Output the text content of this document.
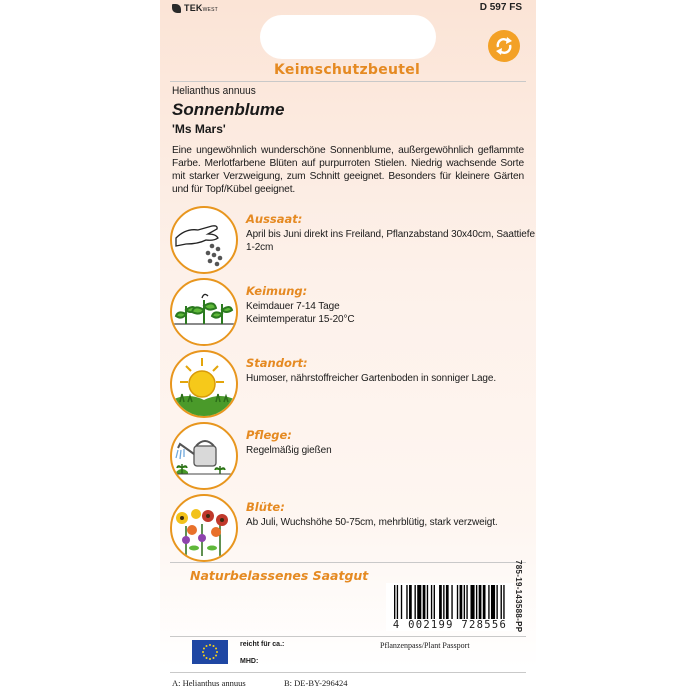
TEKWEST	D 597 FS
Keimschutzbeutel
Helianthus annuus
Sonnenblume
'Ms Mars'
Eine ungewöhnlich wunderschöne Sonnenblume, außergewöhnlich geflammte Farbe. Merlotfarbene Blüten auf purpurroten Stielen. Niedrig wachsende Sorte mit starker Verzweigung, zum Schnitt geeignet. Besonders für kleinere Gärten und für Topf/Kübel geeignet.
Aussaat:
April bis Juni direkt ins Freiland, Pflanzabstand 30x40cm, Saattiefe 1-2cm
Keimung:
Keimdauer 7-14 Tage
Keimtemperatur 15-20°C
Standort:
Humoser, nährstoffreicher Gartenboden in sonniger Lage.
Pflege:
Regelmäßig gießen
Blüte:
Ab Juli, Wuchshöhe 50-75cm, mehrblütig, stark verzweigt.
Naturbelassenes Saatgut
4 002199 728556 785-19-143588-PP
reicht für ca.:
MHD:
Pflanzenpass/Plant Passport
A: Helianthus annuus	B: DE-BY-296424
